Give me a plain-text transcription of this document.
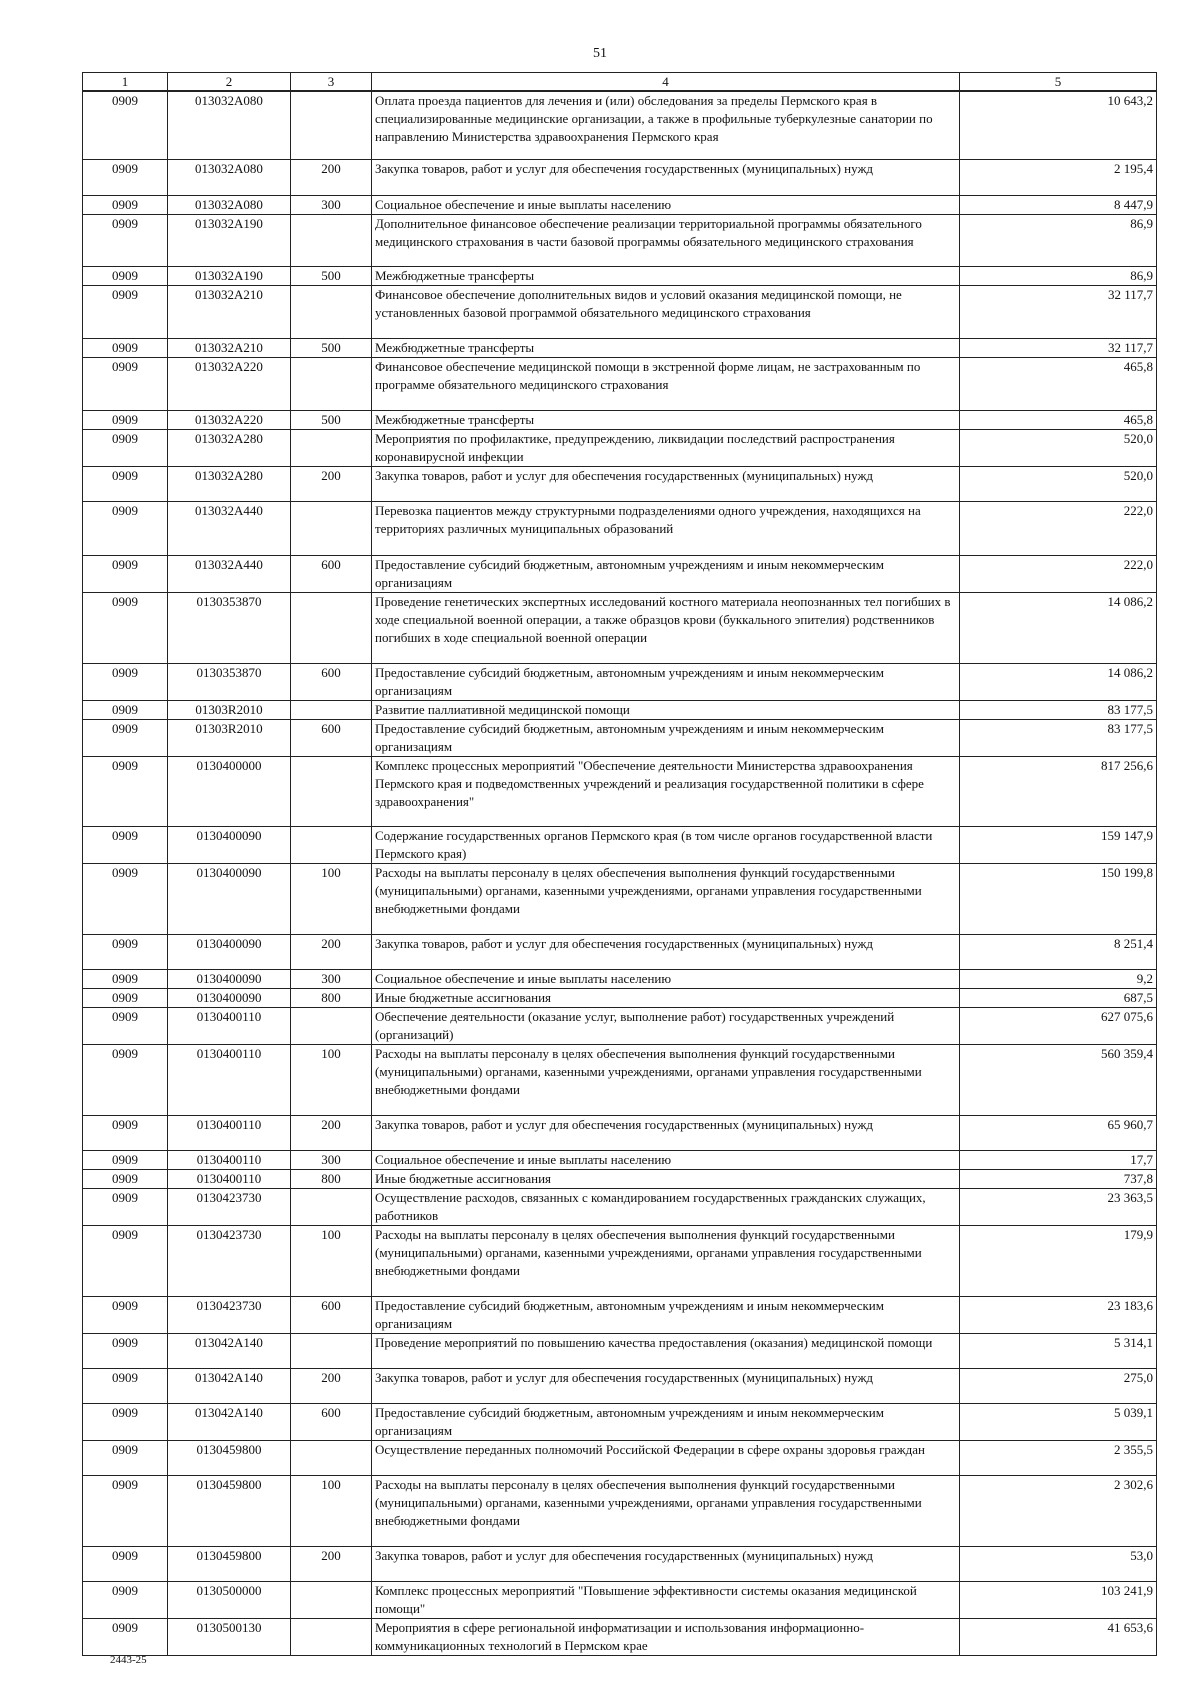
51
1	2	3	4	5
0909	013032А080		Оплата проезда пациентов для лечения и (или) обследования за пределы Пермского края в специализированные медицинские организации, а также в профильные туберкулезные санатории по направлению Министерства здравоохранения Пермского края	10 643,2
0909	013032А080	200	Закупка товаров, работ и услуг для обеспечения государственных (муниципальных) нужд	2 195,4
0909	013032А080	300	Социальное обеспечение и иные выплаты населению	8 447,9
0909	013032А190		Дополнительное финансовое обеспечение реализации территориальной программы обязательного медицинского страхования в части базовой программы обязательного медицинского страхования	86,9
0909	013032А190	500	Межбюджетные трансферты	86,9
0909	013032А210		Финансовое обеспечение дополнительных видов и условий оказания медицинской помощи, не установленных базовой программой обязательного медицинского страхования	32 117,7
0909	013032А210	500	Межбюджетные трансферты	32 117,7
0909	013032А220		Финансовое обеспечение медицинской помощи в экстренной форме лицам, не застрахованным по программе обязательного медицинского страхования	465,8
0909	013032А220	500	Межбюджетные трансферты	465,8
0909	013032А280		Мероприятия по профилактике, предупреждению, ликвидации последствий распространения коронавирусной инфекции	520,0
0909	013032А280	200	Закупка товаров, работ и услуг для обеспечения государственных (муниципальных) нужд	520,0
0909	013032А440		Перевозка пациентов между структурными подразделениями одного учреждения, находящихся на территориях различных муниципальных образований	222,0
0909	013032А440	600	Предоставление субсидий бюджетным, автономным учреждениям и иным некоммерческим организациям	222,0
0909	0130353870		Проведение генетических экспертных исследований костного материала неопознанных тел погибших в ходе специальной военной операции, а также образцов крови (буккального эпителия) родственников погибших в ходе специальной военной операции	14 086,2
0909	0130353870	600	Предоставление субсидий бюджетным, автономным учреждениям и иным некоммерческим организациям	14 086,2
0909	01303R2010		Развитие паллиативной медицинской помощи	83 177,5
0909	01303R2010	600	Предоставление субсидий бюджетным, автономным учреждениям и иным некоммерческим организациям	83 177,5
0909	0130400000		Комплекс процессных мероприятий "Обеспечение деятельности Министерства здравоохранения Пермского края и подведомственных учреждений и реализация государственной политики в сфере здравоохранения"	817 256,6
0909	0130400090		Содержание государственных органов Пермского края (в том числе органов государственной власти Пермского края)	159 147,9
0909	0130400090	100	Расходы на выплаты персоналу в целях обеспечения выполнения функций государственными (муниципальными) органами, казенными учреждениями, органами управления государственными внебюджетными фондами	150 199,8
0909	0130400090	200	Закупка товаров, работ и услуг для обеспечения государственных (муниципальных) нужд	8 251,4
0909	0130400090	300	Социальное обеспечение и иные выплаты населению	9,2
0909	0130400090	800	Иные бюджетные ассигнования	687,5
0909	0130400110		Обеспечение деятельности (оказание услуг, выполнение работ) государственных учреждений (организаций)	627 075,6
0909	0130400110	100	Расходы на выплаты персоналу в целях обеспечения выполнения функций государственными (муниципальными) органами, казенными учреждениями, органами управления государственными внебюджетными фондами	560 359,4
0909	0130400110	200	Закупка товаров, работ и услуг для обеспечения государственных (муниципальных) нужд	65 960,7
0909	0130400110	300	Социальное обеспечение и иные выплаты населению	17,7
0909	0130400110	800	Иные бюджетные ассигнования	737,8
0909	0130423730		Осуществление расходов, связанных с командированием государственных гражданских служащих, работников	23 363,5
0909	0130423730	100	Расходы на выплаты персоналу в целях обеспечения выполнения функций государственными (муниципальными) органами, казенными учреждениями, органами управления государственными внебюджетными фондами	179,9
0909	0130423730	600	Предоставление субсидий бюджетным, автономным учреждениям и иным некоммерческим организациям	23 183,6
0909	013042А140		Проведение мероприятий по повышению качества предоставления (оказания) медицинской помощи	5 314,1
0909	013042А140	200	Закупка товаров, работ и услуг для обеспечения государственных (муниципальных) нужд	275,0
0909	013042А140	600	Предоставление субсидий бюджетным, автономным учреждениям и иным некоммерческим организациям	5 039,1
0909	0130459800		Осуществление переданных полномочий Российской Федерации в сфере охраны здоровья граждан	2 355,5
0909	0130459800	100	Расходы на выплаты персоналу в целях обеспечения выполнения функций государственными (муниципальными) органами, казенными учреждениями, органами управления государственными внебюджетными фондами	2 302,6
0909	0130459800	200	Закупка товаров, работ и услуг для обеспечения государственных (муниципальных) нужд	53,0
0909	0130500000		Комплекс процессных мероприятий "Повышение эффективности системы оказания медицинской помощи"	103 241,9
0909	0130500130		Мероприятия в сфере региональной информатизации и использования информационно-коммуникационных технологий в Пермском крае	41 653,6
2443-25
